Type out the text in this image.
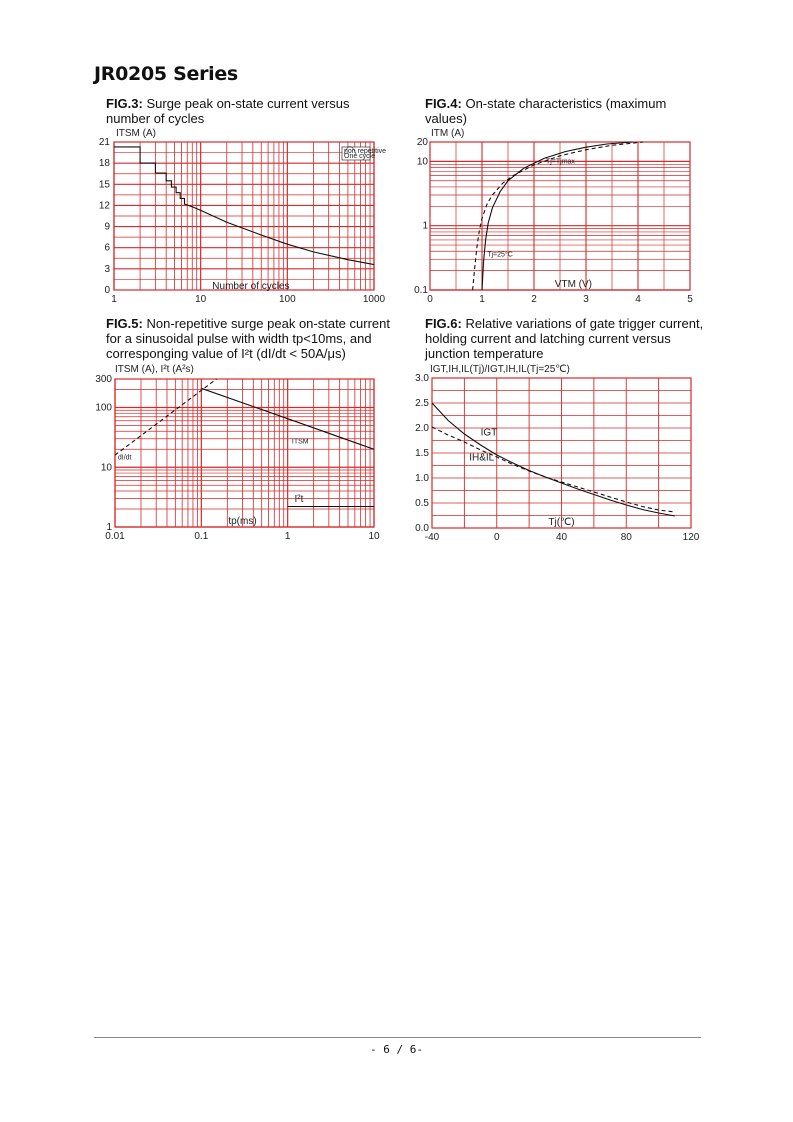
JR0205 Series
FIG.3: Surge peak on-state current versus number of cycles
FIG.4: On-state characteristics (maximum values)
FIG.5: Non-repetitive surge peak on-state current for a sinusoidal pulse with width tp<10ms, and corresponging value of I²t (dI/dt < 50A/μs)
FIG.6: Relative variations of gate trigger current, holding current and latching current versus junction temperature
0
3
6
9
12
15
18
21
1	10	100	1000
ITSM (A)
Number of cycles
non repetitive
One cycle
0.1
1
10
20
0	1	2	3	4	5
ITM (A)
VTM (V)
Tj=Tjmax
Tj=25°C
1
10
100
300
0.01	0.1	1	10
ITSM (A), I²t (A²s)
tp(ms)
dI/dt
ITSM
I²t
0.0
0.5
1.0
1.5
2.0
2.5
3.0
-40	0	40	80	120
IGT,IH,IL(Tj)/IGT,IH,IL(Tj=25℃)
Tj(℃)
IGT
IH&IL
- 6 / 6-
